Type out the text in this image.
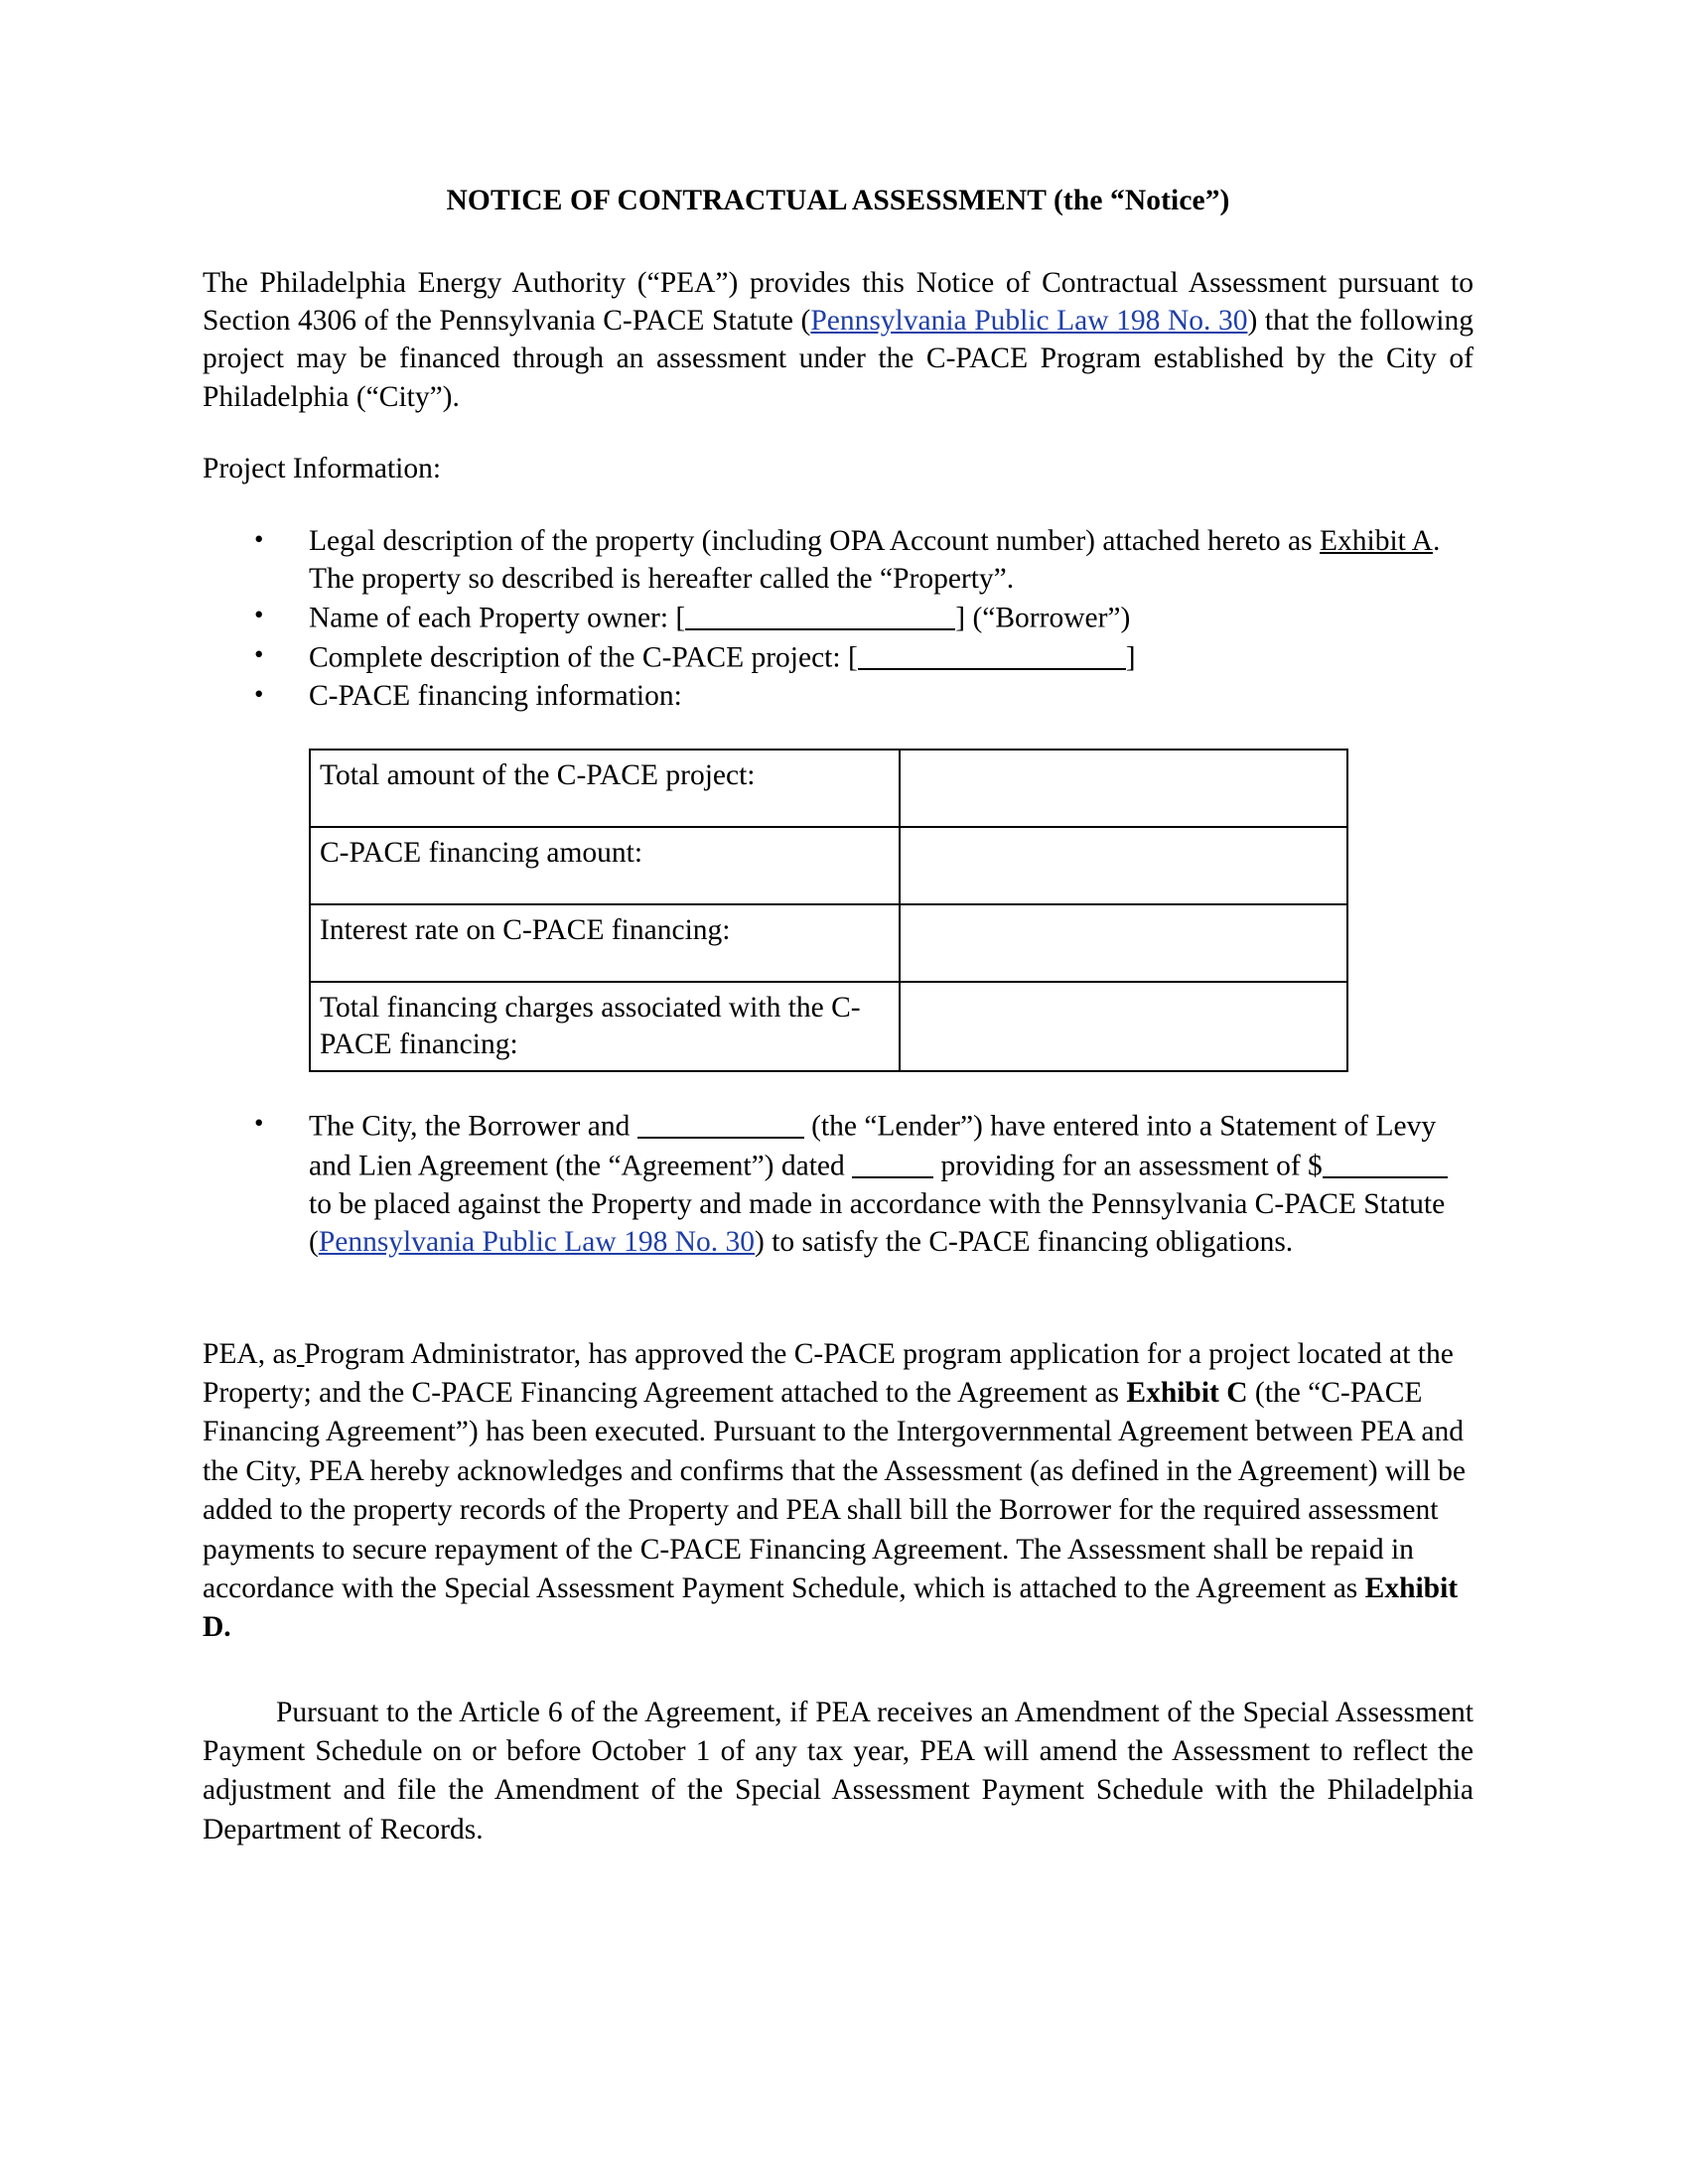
NOTICE OF CONTRACTUAL ASSESSMENT (the “Notice”)

The Philadelphia Energy Authority (“PEA”) provides this Notice of Contractual Assessment pursuant to Section 4306 of the Pennsylvania C-PACE Statute (Pennsylvania Public Law 198 No. 30) that the following project may be financed through an assessment under the C-PACE Program established by the City of Philadelphia (“City”).

Project Information:

• Legal description of the property (including OPA Account number) attached hereto as Exhibit A. The property so described is hereafter called the “Property”.
• Name of each Property owner: [	] (“Borrower”)
• Complete description of the C-PACE project: [	]
• C-PACE financing information:
Total amount of the C-PACE project:	
C-PACE financing amount:	
Interest rate on C-PACE financing:	
Total financing charges associated with the C-PACE financing:	
• The City, the Borrower and	(the “Lender”) have entered into a Statement of Levy and Lien Agreement (the “Agreement”) dated	providing for an assessment of $ to be placed against the Property and made in accordance with the Pennsylvania C-PACE Statute (Pennsylvania Public Law 198 No. 30) to satisfy the C-PACE financing obligations.

PEA, as Program Administrator, has approved the C-PACE program application for a project located at the Property; and the C-PACE Financing Agreement attached to the Agreement as Exhibit C (the “C-PACE Financing Agreement”) has been executed. Pursuant to the Intergovernmental Agreement between PEA and the City, PEA hereby acknowledges and confirms that the Assessment (as defined in the Agreement) will be added to the property records of the Property and PEA shall bill the Borrower for the required assessment payments to secure repayment of the C-PACE Financing Agreement. The Assessment shall be repaid in accordance with the Special Assessment Payment Schedule, which is attached to the Agreement as Exhibit D.

Pursuant to the Article 6 of the Agreement, if PEA receives an Amendment of the Special Assessment Payment Schedule on or before October 1 of any tax year, PEA will amend the Assessment to reflect the adjustment and file the Amendment of the Special Assessment Payment Schedule with the Philadelphia Department of Records.
